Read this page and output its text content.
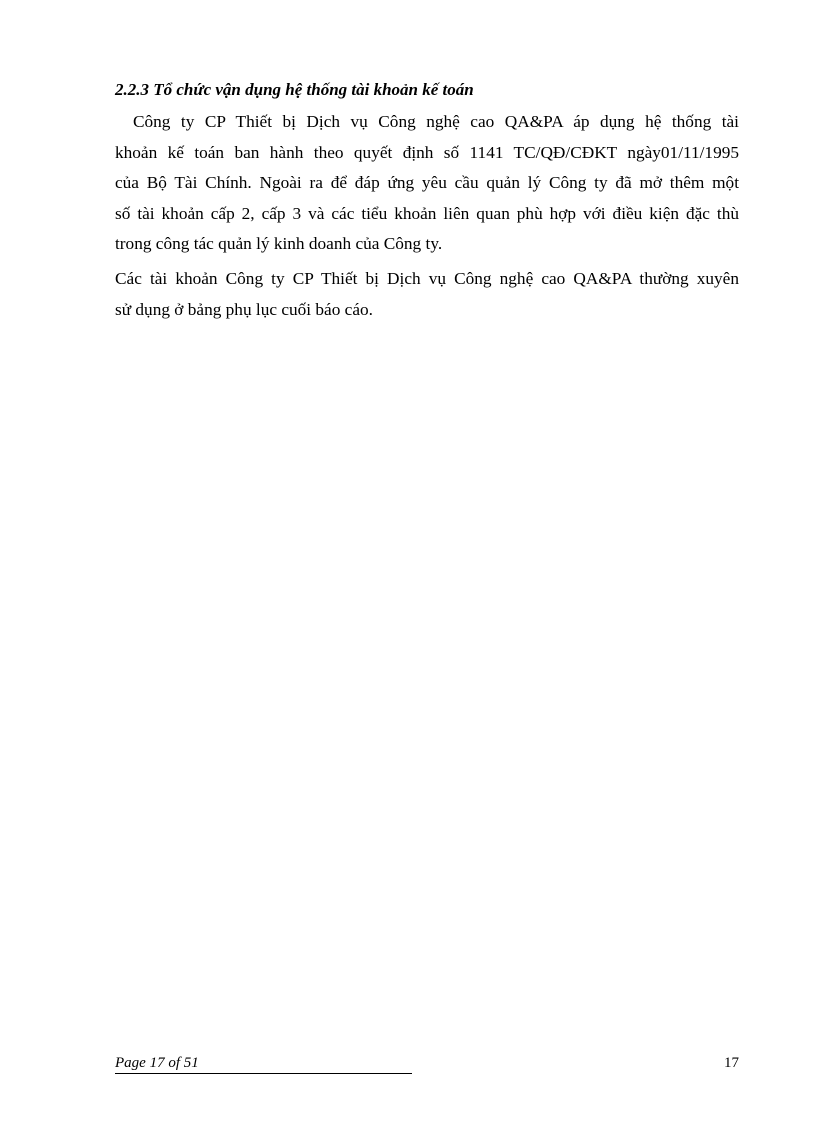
2.2.3 Tổ chức vận dụng hệ thống tài khoản kế toán
Công ty CP Thiết bị Dịch vụ Công nghệ cao QA&PA áp dụng hệ thống tài
khoản kế toán ban hành theo quyết định số 1141 TC/QĐ/CĐKT ngày01/11/1995
của Bộ Tài Chính. Ngoài ra để đáp ứng yêu cầu quản lý Công ty đã mở thêm một
số tài khoản cấp 2, cấp 3 và các tiểu khoản liên quan phù hợp với điều kiện đặc thù
trong công tác quản lý kinh doanh của Công ty.
Các tài khoản Công ty CP Thiết bị Dịch vụ Công nghệ cao QA&PA thường xuyên
sử dụng ở bảng phụ lục cuối báo cáo.
Page 17 of 51	17
